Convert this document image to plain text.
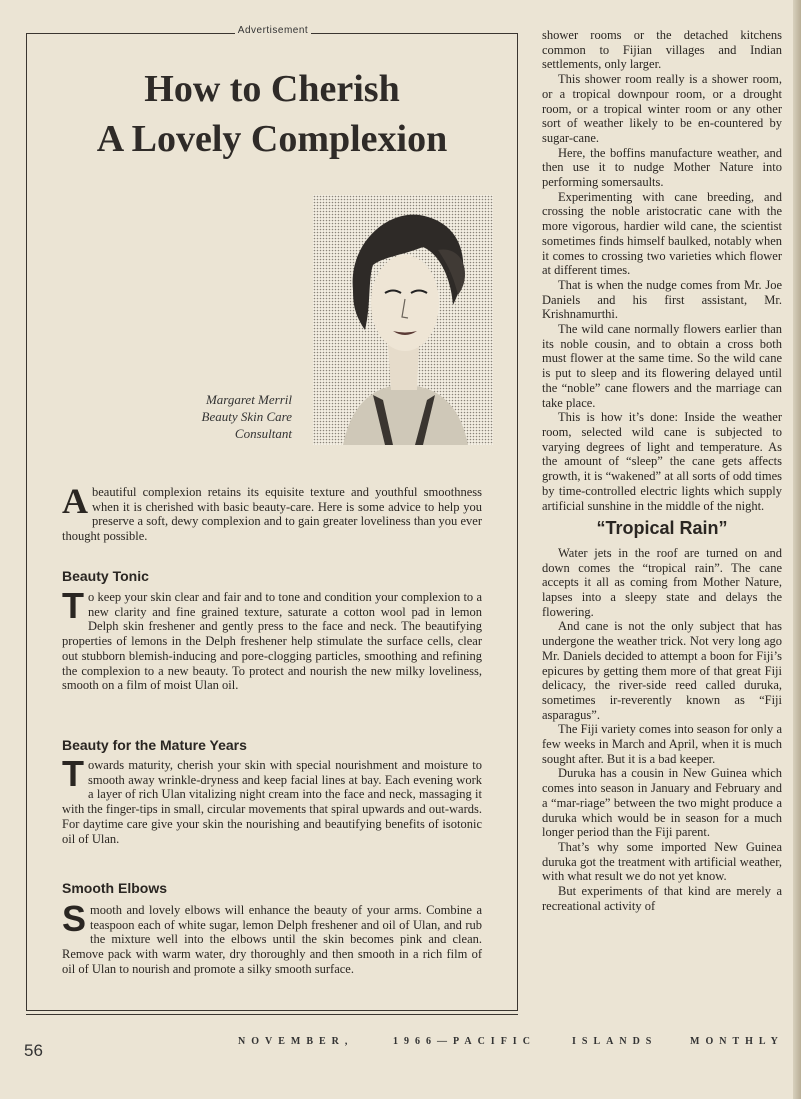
Advertisement
How to Cherish
A Lovely Complexion
Margaret Merril
Beauty Skin Care
Consultant
Abeautiful complexion retains its equisite texture and youthful smoothness when it is cherished with basic beauty-care. Here is some advice to help you preserve a soft, dewy complexion and to gain greater loveliness than you ever thought possible.
Beauty Tonic
To keep your skin clear and fair and to tone and condition your complexion to a new clarity and fine grained texture, saturate a cotton wool pad in lemon Delph skin freshener and gently press to the face and neck. The beautifying properties of lemons in the Delph freshener help stimulate the surface cells, clear out stubborn blemish-inducing and pore-clogging particles, smoothing and refining the complexion to a new beauty. To protect and nourish the new milky loveliness, smooth on a film of moist Ulan oil.
Beauty for the Mature Years
Towards maturity, cherish your skin with special nourishment and moisture to smooth away wrinkle-dryness and keep facial lines at bay. Each evening work a layer of rich Ulan vitalizing night cream into the face and neck, massaging it with the finger-tips in small, circular movements that spiral upwards and out-wards. For daytime care give your skin the nourishing and beautifying benefits of isotonic oil of Ulan.
Smooth Elbows
Smooth and lovely elbows will enhance the beauty of your arms. Combine a teaspoon each of white sugar, lemon Delph freshener and oil of Ulan, and rub the mixture well into the elbows until the skin becomes pink and clean. Remove pack with warm water, dry thoroughly and then smooth in a rich film of oil of Ulan to nourish and promote a silky smooth surface.

shower rooms or the detached kitchens common to Fijian villages and Indian settlements, only larger.

This shower room really is a shower room, or a tropical downpour room, or a drought room, or a tropical winter room or any other sort of weather likely to be en-countered by sugar-cane.

Here, the boffins manufacture weather, and then use it to nudge Mother Nature into performing somersaults.

Experimenting with cane breeding, and crossing the noble aristocratic cane with the more vigorous, hardier wild cane, the scientist sometimes finds himself baulked, notably when it comes to crossing two varieties which flower at different times.

That is when the nudge comes from Mr. Joe Daniels and his first assistant, Mr. Krishnamurthi.

The wild cane normally flowers earlier than its noble cousin, and to obtain a cross both must flower at the same time. So the wild cane is put to sleep and its flowering delayed until the “noble” cane flowers and the marriage can take place.

This is how it’s done: Inside the weather room, selected wild cane is subjected to varying degrees of light and temperature. As the amount of “sleep” the cane gets affects growth, it is “wakened” at all sorts of odd times by time-controlled electric lights which supply artificial sunshine in the middle of the night.

“Tropical Rain”

Water jets in the roof are turned on and down comes the “tropical rain”. The cane accepts it all as coming from Mother Nature, lapses into a sleepy state and delays the flowering.

And cane is not the only subject that has undergone the weather trick. Not very long ago Mr. Daniels decided to attempt a boon for Fiji’s epicures by getting them more of that great Fiji delicacy, the river-side reed called duruka, sometimes ir-reverently known as “Fiji asparagus”.

The Fiji variety comes into season for only a few weeks in March and April, when it is much sought after. But it is a bad keeper.

Duruka has a cousin in New Guinea which comes into season in January and February and a “mar-riage” between the two might produce a duruka which would be in season for a much longer period than the Fiji parent.

That’s why some imported New Guinea duruka got the treatment with artificial weather, with what result we do not yet know.

But experiments of that kind are merely a recreational activity of

56	NOVEMBER,	1966—PACIFIC	ISLANDS	MONTHLY
